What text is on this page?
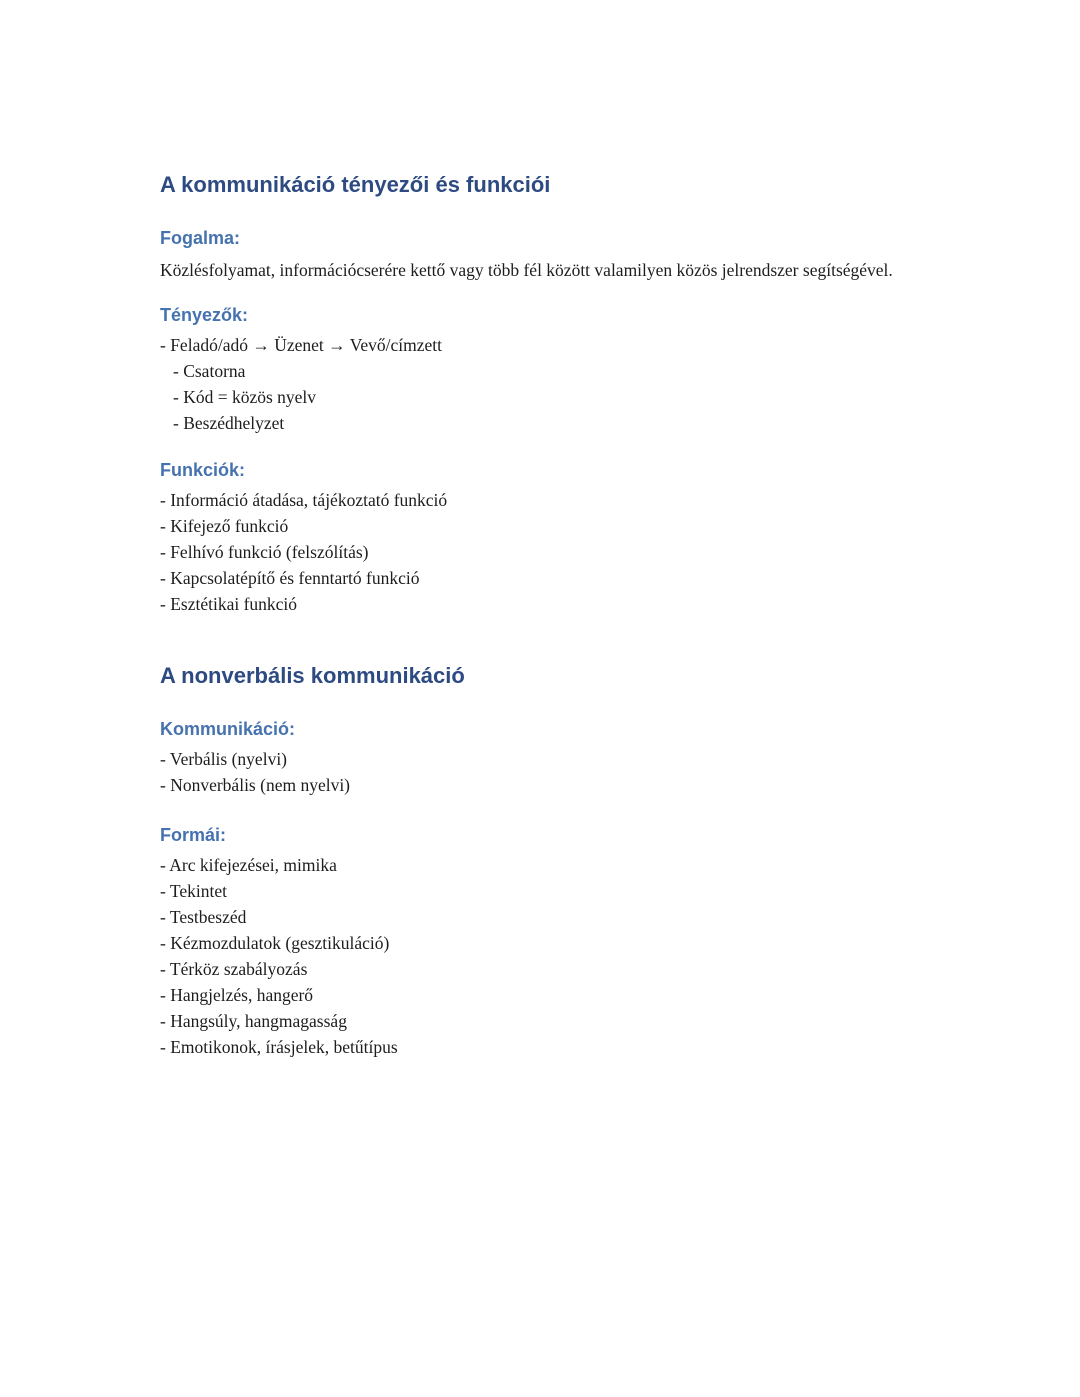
A kommunikáció tényezői és funkciói
Fogalma:

Közlésfolyamat, információcserére kettő vagy több fél között valamilyen közös jelrendszer segítségével.

Tényezők:
- Feladó/adó → Üzenet → Vevő/címzett
- Csatorna
- Kód = közös nyelv
- Beszédhelyzet
Funkciók:
- Információ átadása, tájékoztató funkció
- Kifejező funkció
- Felhívó funkció (felszólítás)
- Kapcsolatépítő és fenntartó funkció
- Esztétikai funkció
A nonverbális kommunikáció
Kommunikáció:
- Verbális (nyelvi)
- Nonverbális (nem nyelvi)
Formái:
- Arc kifejezései, mimika
- Tekintet
- Testbeszéd
- Kézmozdulatok (gesztikuláció)
- Térköz szabályozás
- Hangjelzés, hangerő
- Hangsúly, hangmagasság
- Emotikonok, írásjelek, betűtípus
